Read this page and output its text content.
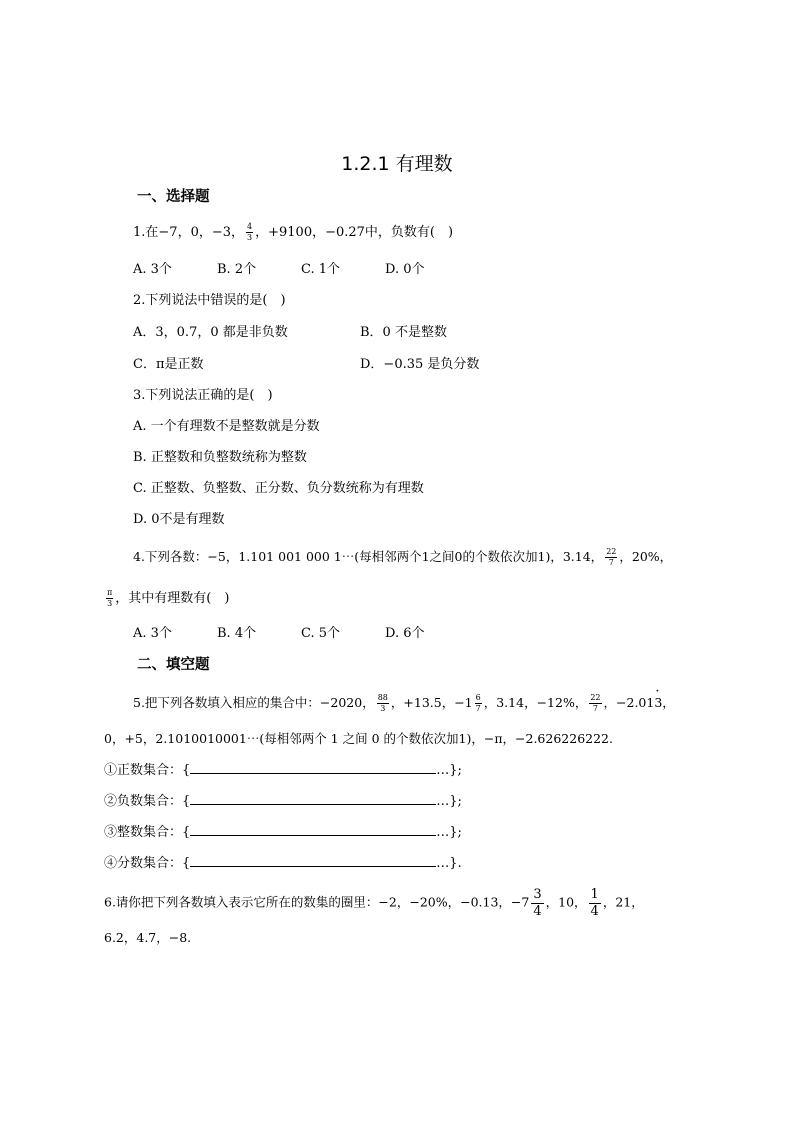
1.2.1 有理数
一、选择题
1.在−7，0，−3， $\frac{4}{3}$ ，+9100，−0.27中，负数有(　)
A. 3个	B. 2个	C. 1个	D. 0个
2.下列说法中错误的是(　)
A．3，0.7，0 都是非负数	B．0 不是整数
C．π是正数	D．−0.35 是负分数
3.下列说法正确的是(　)
A. 一个有理数不是整数就是分数
B. 正整数和负整数统称为整数
C. 正整数、负整数、正分数、负分数统称为有理数
D. 0不是有理数
4.下列各数：−5，1.101 001 000 1⋯(每相邻两个1之间0的个数依次加1)，3.14， $\frac{22}{7}$ ，20%，
$\frac{\pi}{3}$ ，其中有理数有(　)
A. 3个	B. 4个	C. 5个	D. 6个
二、填空题
5.把下列各数填入相应的集合中：−2020， $\frac{88}{3}$ ，+13.5，$-1 \frac{6}{7}$ ，3.14，−12%， $\frac{22}{7}$ ，−2.013 ·，
0，+5，2.1010010001⋯(每相邻两个 1 之间 0 的个数依次加1)，−π，−2.626226222.
①正数集合：{	…};
②负数集合：{	…};
③整数集合：{	…};
④分数集合：{	…}.
6.请你把下列各数填入表示它所在的数集的圈里：−2，−20%，−0.13，$-7 \frac{3}{4}$ ，10， $\frac{1}{4}$ ，21，
6.2，4.7，−8.
